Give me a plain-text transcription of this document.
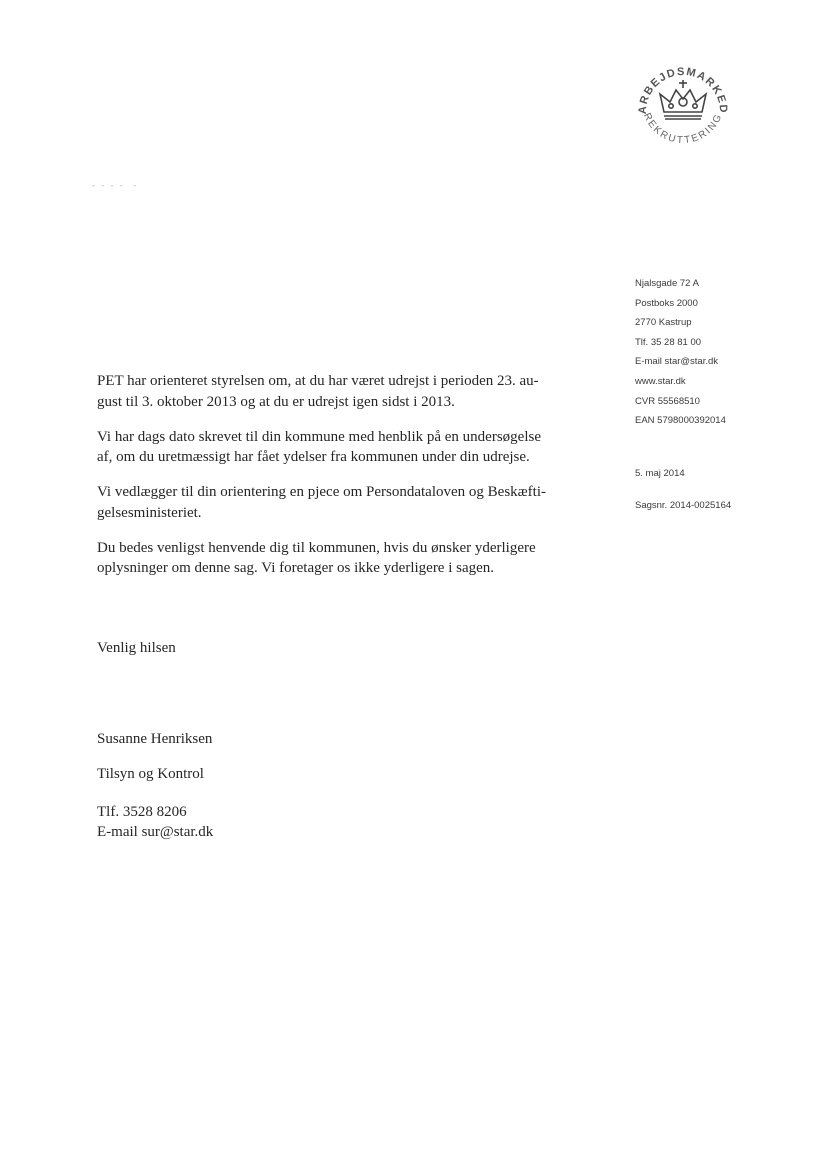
ARBEJDSMARKED
REKRUTTERING
- - - -  -
Njalsgade 72 A
Postboks 2000
2770 Kastrup
Tlf. 35 28 81 00
E-mail star@star.dk
www.star.dk
CVR 55568510
EAN 5798000392014
5. maj 2014
Sagsnr. 2014-0025164

PET har orienteret styrelsen om, at du har været udrejst i perioden 23. au-
gust til 3. oktober 2013 og at du er udrejst igen sidst i 2013.

Vi har dags dato skrevet til din kommune med henblik på en undersøgelse
af, om du uretmæssigt har fået ydelser fra kommunen under din udrejse.

Vi vedlægger til din orientering en pjece om Persondataloven og Beskæfti-
gelsesministeriet.

Du bedes venligst henvende dig til kommunen, hvis du ønsker yderligere
oplysninger om denne sag. Vi foretager os ikke yderligere i sagen.

Venlig hilsen
Susanne Henriksen
Tilsyn og Kontrol
Tlf. 3528 8206
E-mail sur@star.dk
